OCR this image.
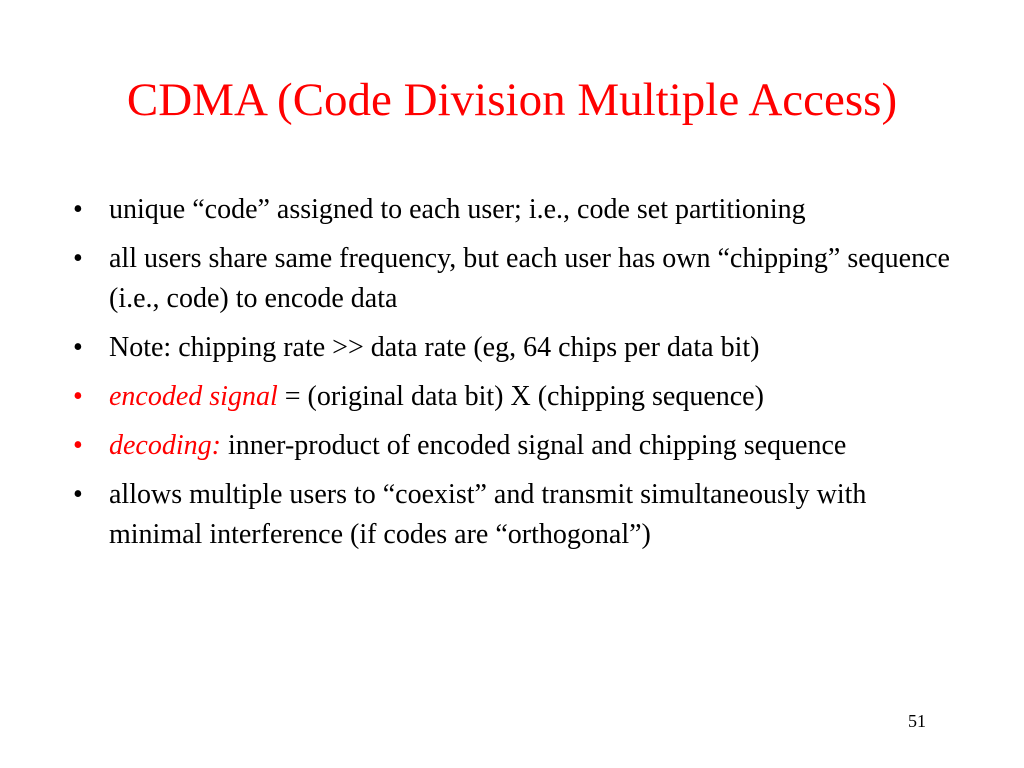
CDMA (Code Division Multiple Access)
• unique “code” assigned to each user; i.e., code set partitioning
• all users share same frequency, but each user has own “chipping” sequence (i.e., code) to encode data
• Note: chipping rate >> data rate (eg, 64 chips per data bit)
• encoded signal = (original data bit) X (chipping sequence)
• decoding: inner-product of encoded signal and chipping sequence
• allows multiple users to “coexist” and transmit simultaneously with minimal interference (if codes are “orthogonal”)
51
